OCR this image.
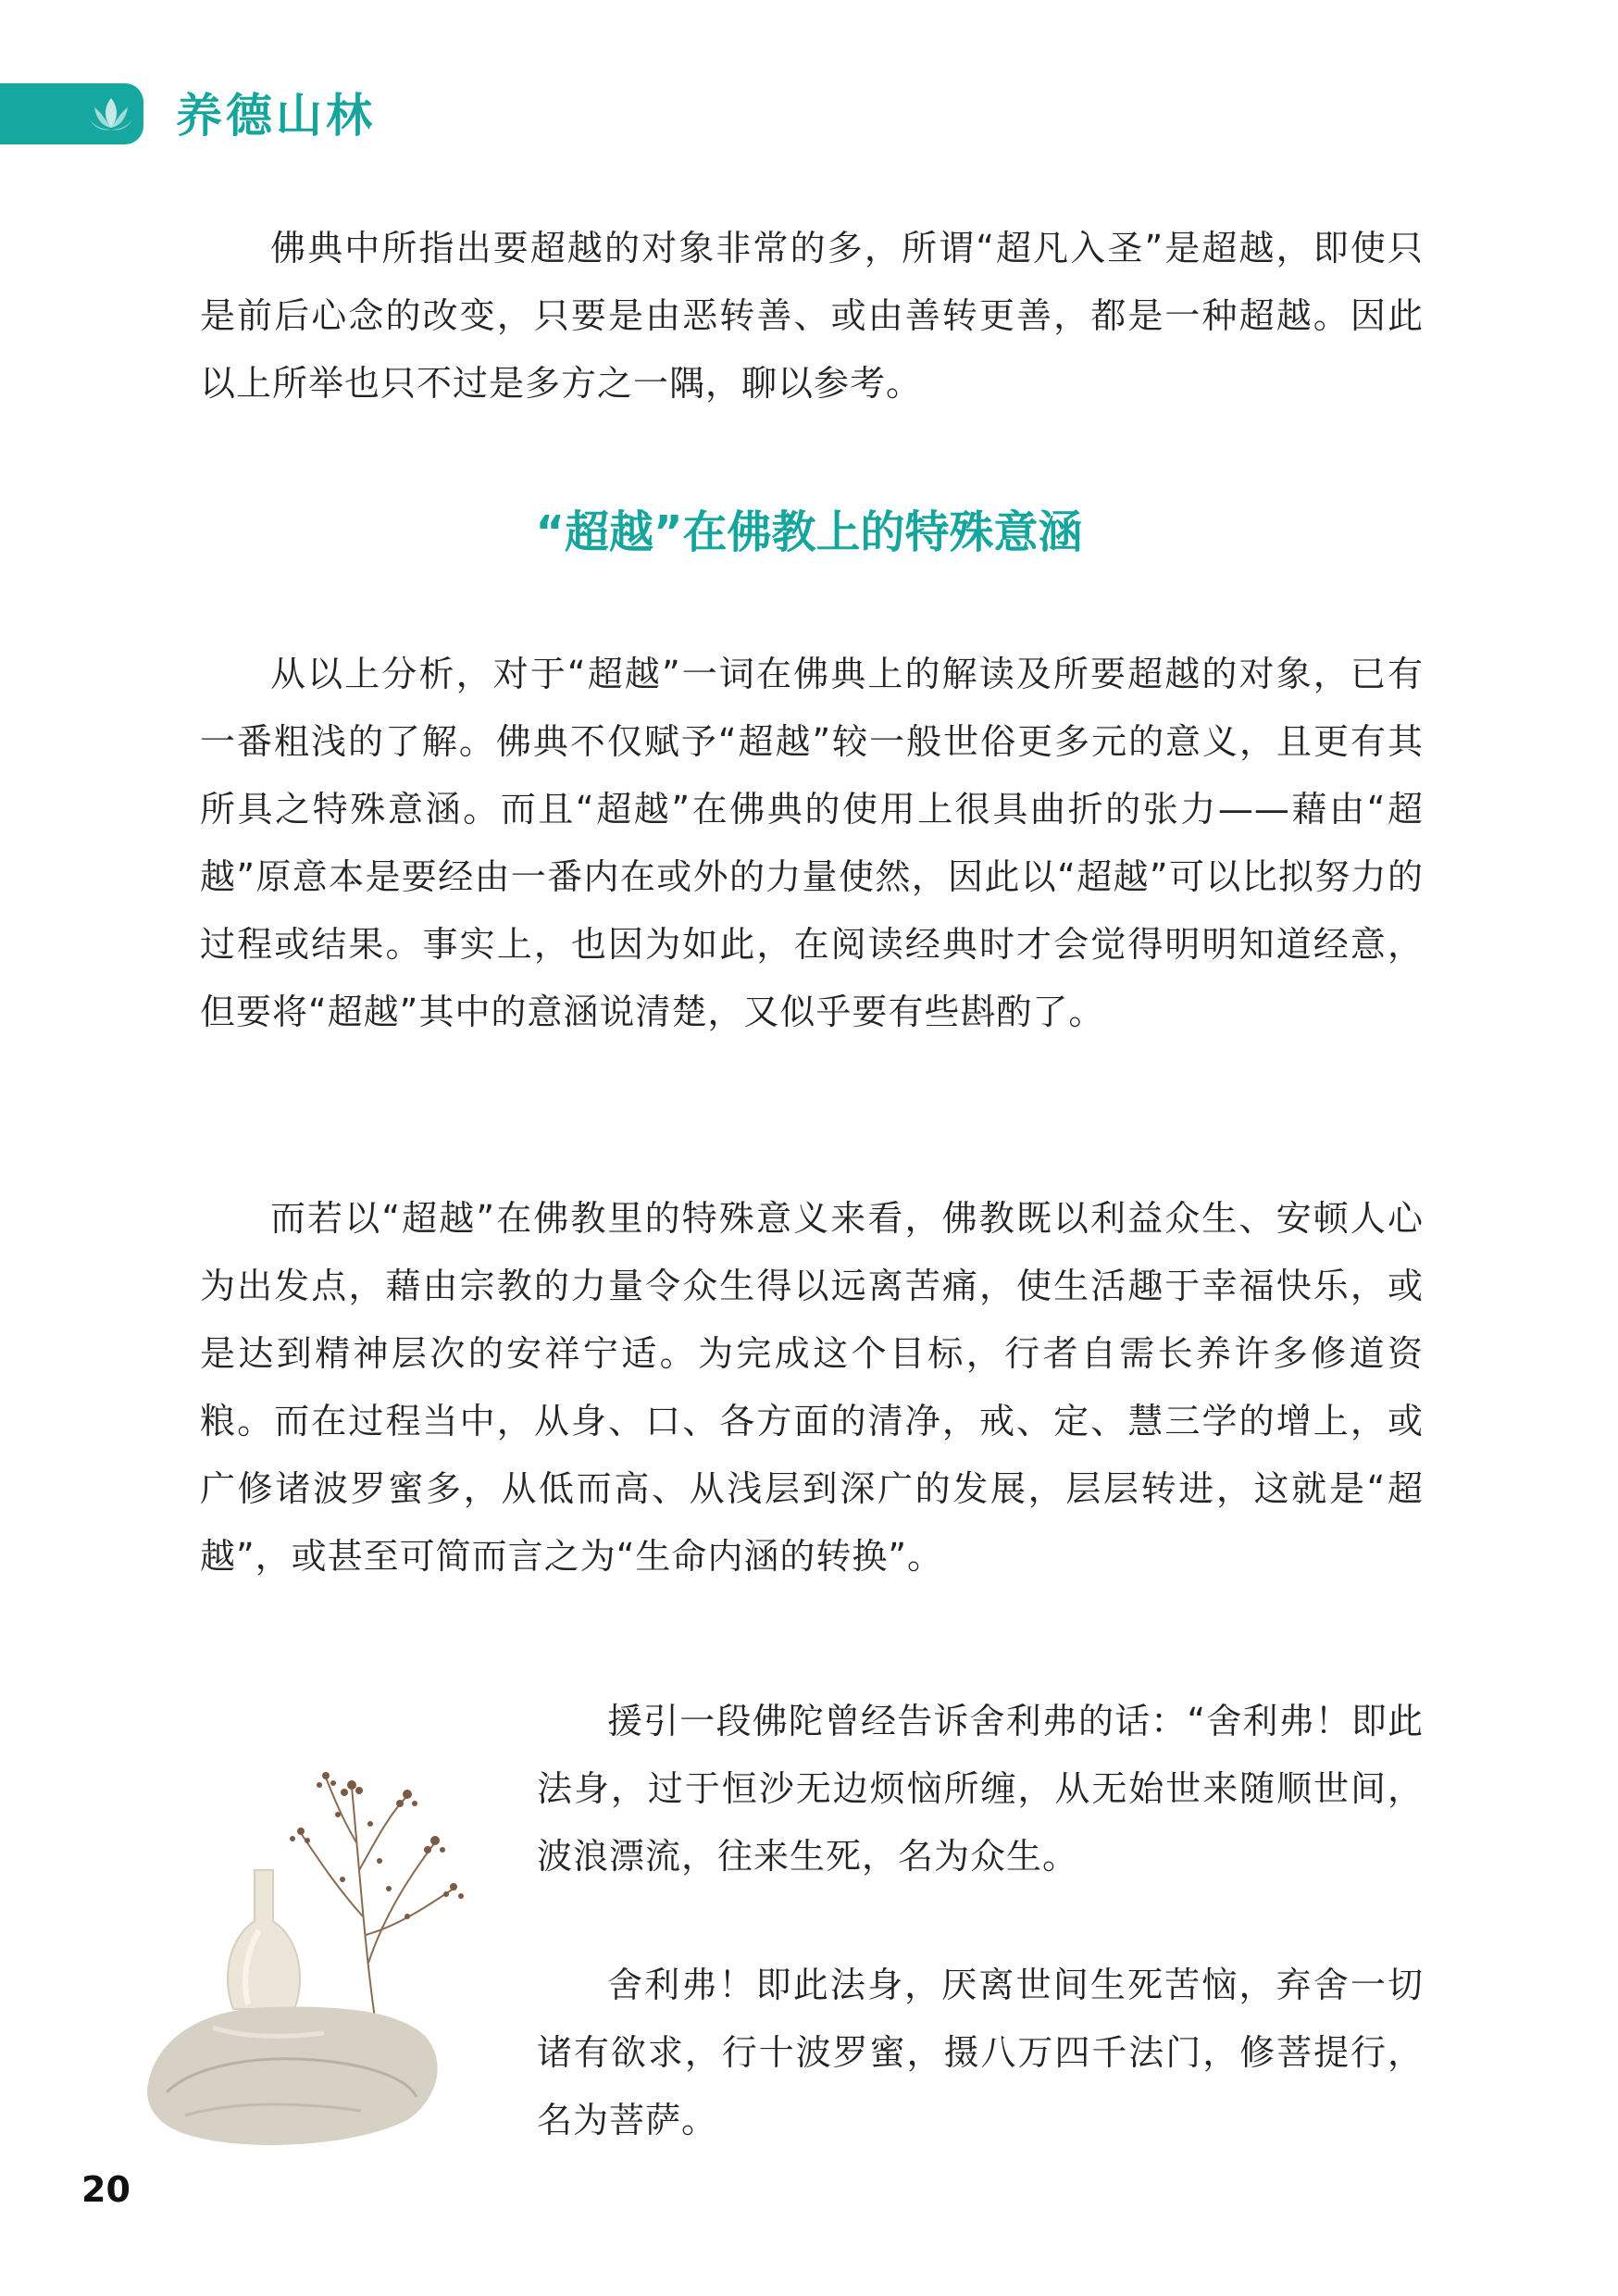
养德山林

佛典中所指出要超越的对象非常的多，所谓“超凡入圣”是超越，即使只是前后心念的改变，只要是由恶转善、或由善转更善，都是一种超越。因此以上所举也只不过是多方之一隅，聊以参考。

“超越”在佛教上的特殊意涵

从以上分析，对于“超越”一词在佛典上的解读及所要超越的对象，已有一番粗浅的了解。佛典不仅赋予“超越”较一般世俗更多元的意义，且更有其所具之特殊意涵。而且“超越”在佛典的使用上很具曲折的张力——藉由“超越”原意本是要经由一番内在或外的力量使然，因此以“超越”可以比拟努力的过程或结果。事实上，也因为如此，在阅读经典时才会觉得明明知道经意，但要将“超越”其中的意涵说清楚，又似乎要有些斟酌了。

而若以“超越”在佛教里的特殊意义来看，佛教既以利益众生、安顿人心为出发点，藉由宗教的力量令众生得以远离苦痛，使生活趣于幸福快乐，或是达到精神层次的安祥宁适。为完成这个目标，行者自需长养许多修道资粮。而在过程当中，从身、口、各方面的清净，戒、定、慧三学的增上，或广修诸波罗蜜多，从低而高、从浅层到深广的发展，层层转进，这就是“超越”，或甚至可简而言之为“生命内涵的转换”。

援引一段佛陀曾经告诉舍利弗的话：“舍利弗！即此法身，过于恒沙无边烦恼所缠，从无始世来随顺世间，波浪漂流，往来生死，名为众生。

舍利弗！即此法身，厌离世间生死苦恼，弃舍一切诸有欲求，行十波罗蜜，摄八万四千法门，修菩提行，名为菩萨。

20
